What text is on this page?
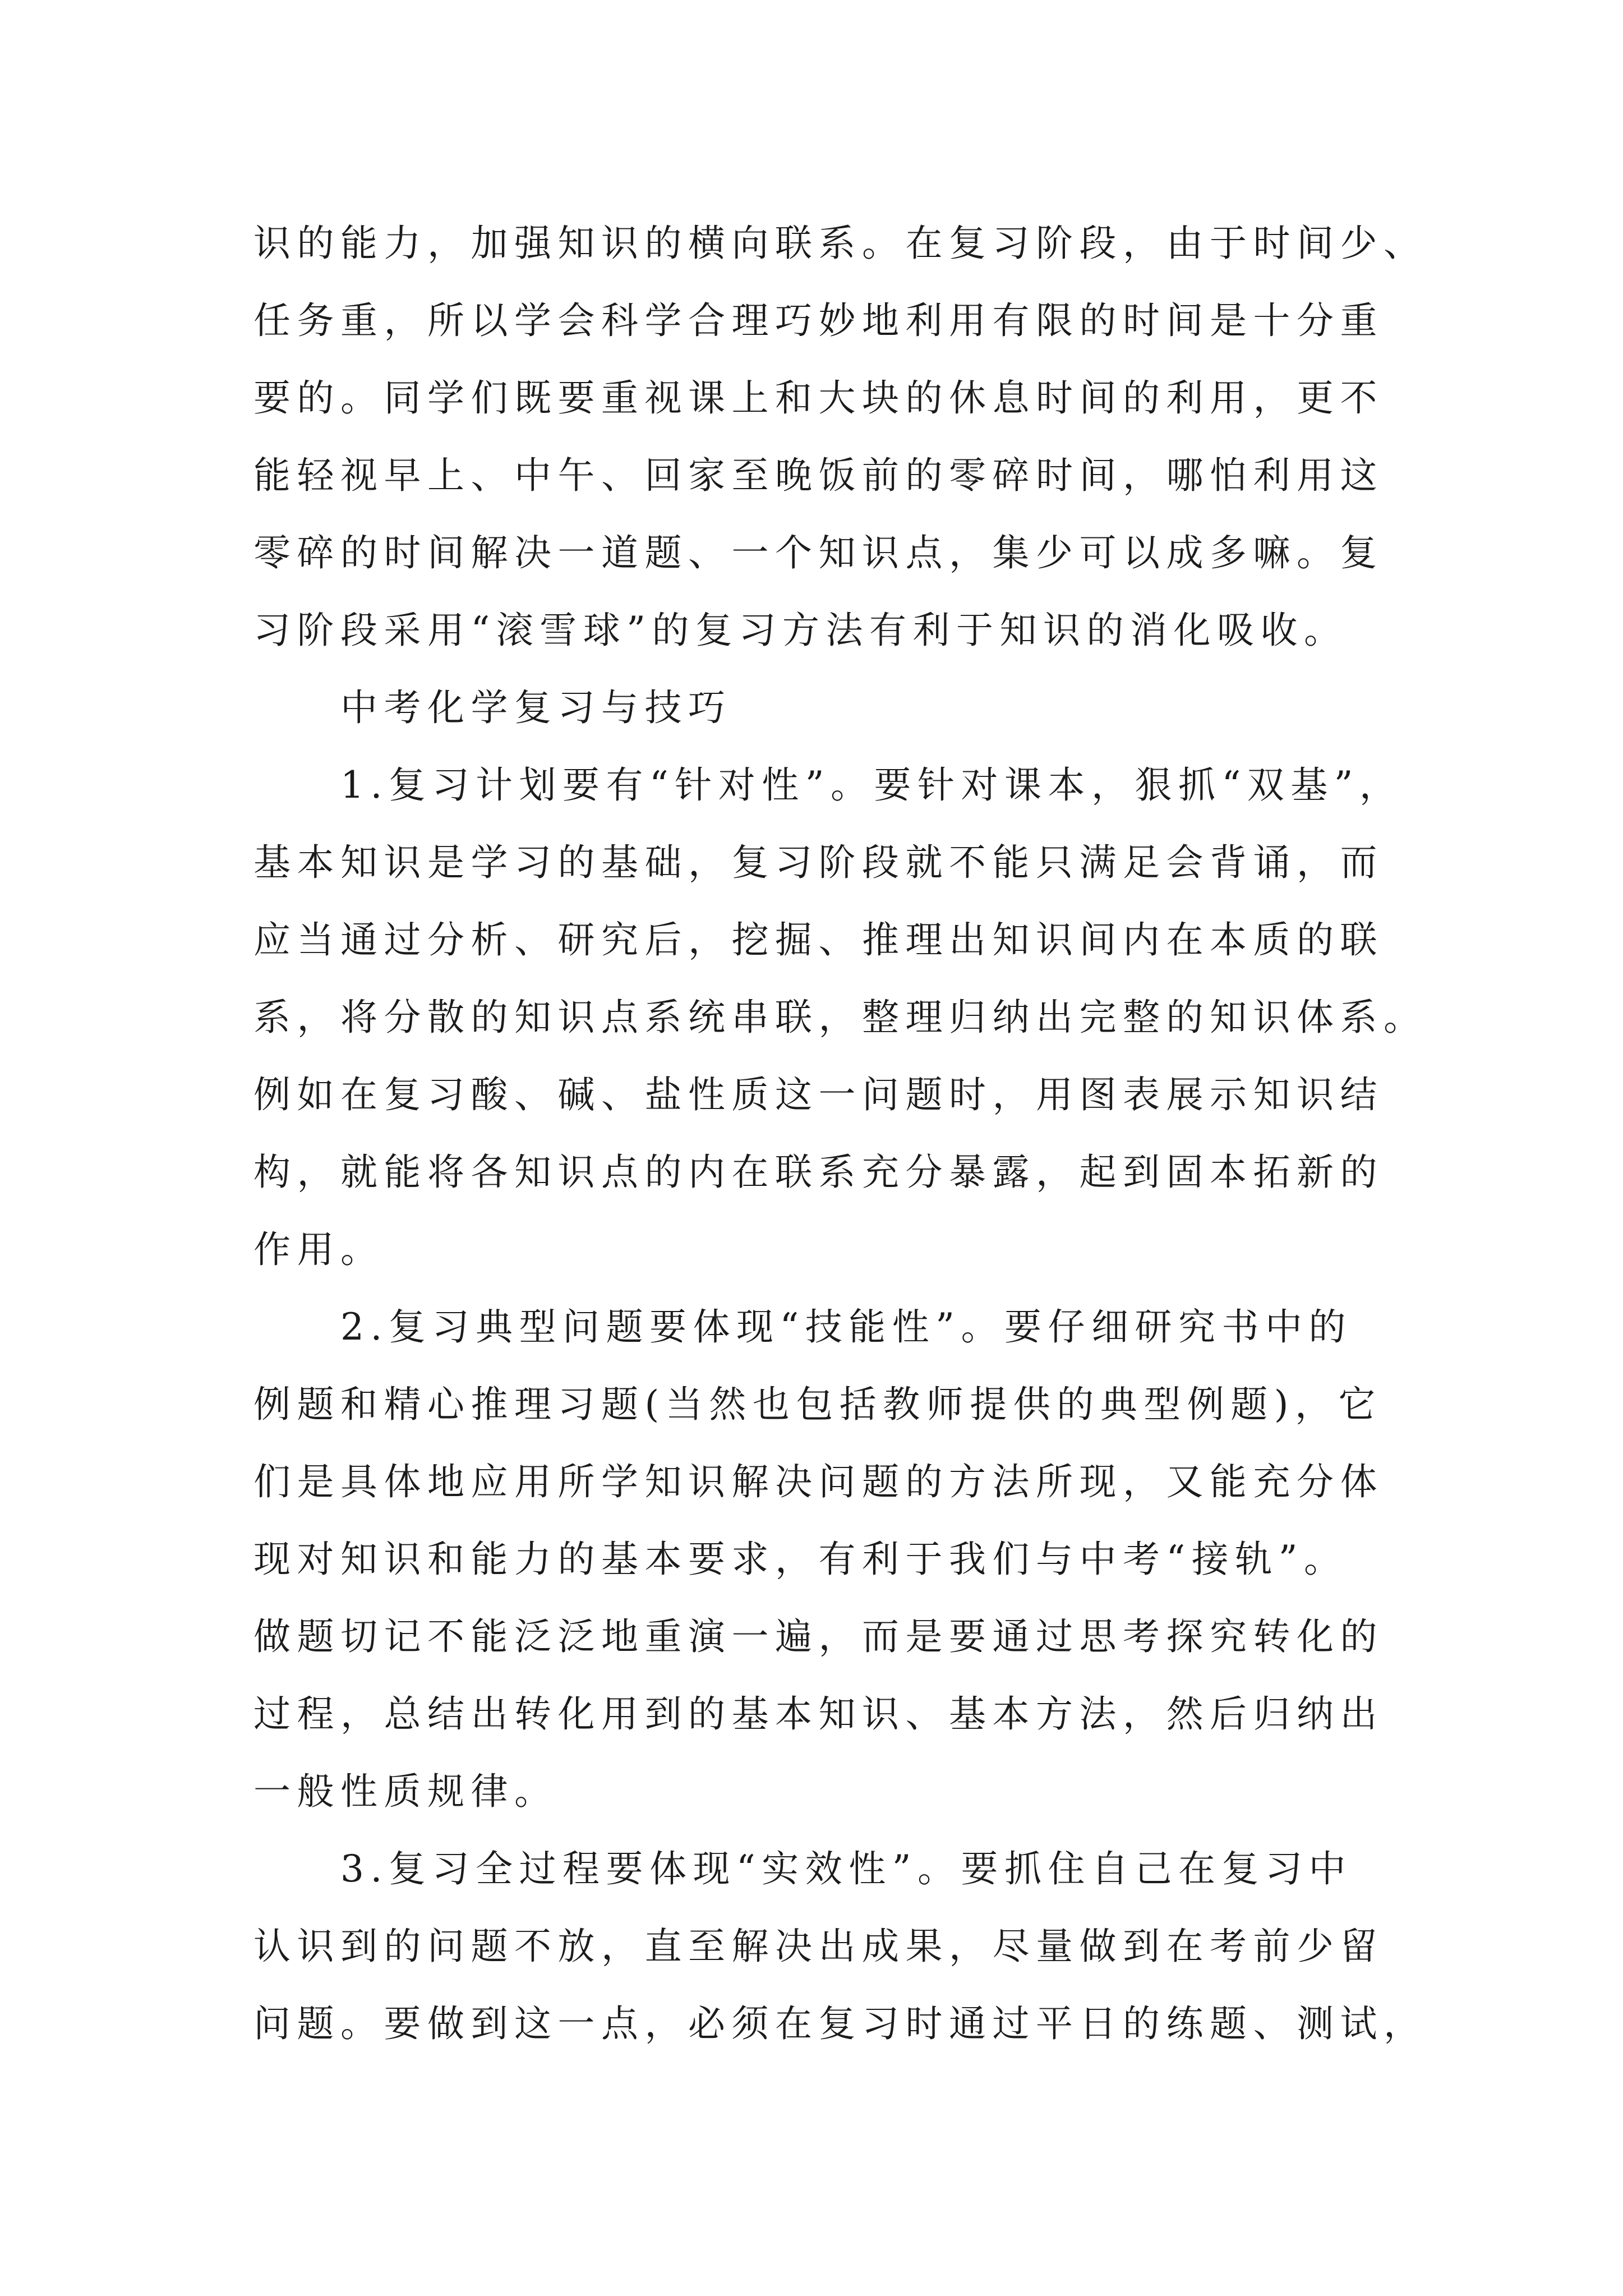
识的能力，加强知识的横向联系。在复习阶段，由于时间少、
任务重，所以学会科学合理巧妙地利用有限的时间是十分重
要的。同学们既要重视课上和大块的休息时间的利用，更不
能轻视早上、中午、回家至晚饭前的零碎时间，哪怕利用这
零碎的时间解决一道题、一个知识点，集少可以成多嘛。复
习阶段采用“滚雪球”的复习方法有利于知识的消化吸收。
中考化学复习与技巧
1.复习计划要有“针对性”。要针对课本，狠抓“双基”，
基本知识是学习的基础，复习阶段就不能只满足会背诵，而
应当通过分析、研究后，挖掘、推理出知识间内在本质的联
系，将分散的知识点系统串联，整理归纳出完整的知识体系。
例如在复习酸、碱、盐性质这一问题时，用图表展示知识结
构，就能将各知识点的内在联系充分暴露，起到固本拓新的
作用。
2.复习典型问题要体现“技能性”。要仔细研究书中的
例题和精心推理习题(当然也包括教师提供的典型例题)，它
们是具体地应用所学知识解决问题的方法所现，又能充分体
现对知识和能力的基本要求，有利于我们与中考“接轨”。
做题切记不能泛泛地重演一遍，而是要通过思考探究转化的
过程，总结出转化用到的基本知识、基本方法，然后归纳出
一般性质规律。
3.复习全过程要体现“实效性”。要抓住自己在复习中
认识到的问题不放，直至解决出成果，尽量做到在考前少留
问题。要做到这一点，必须在复习时通过平日的练题、测试，
